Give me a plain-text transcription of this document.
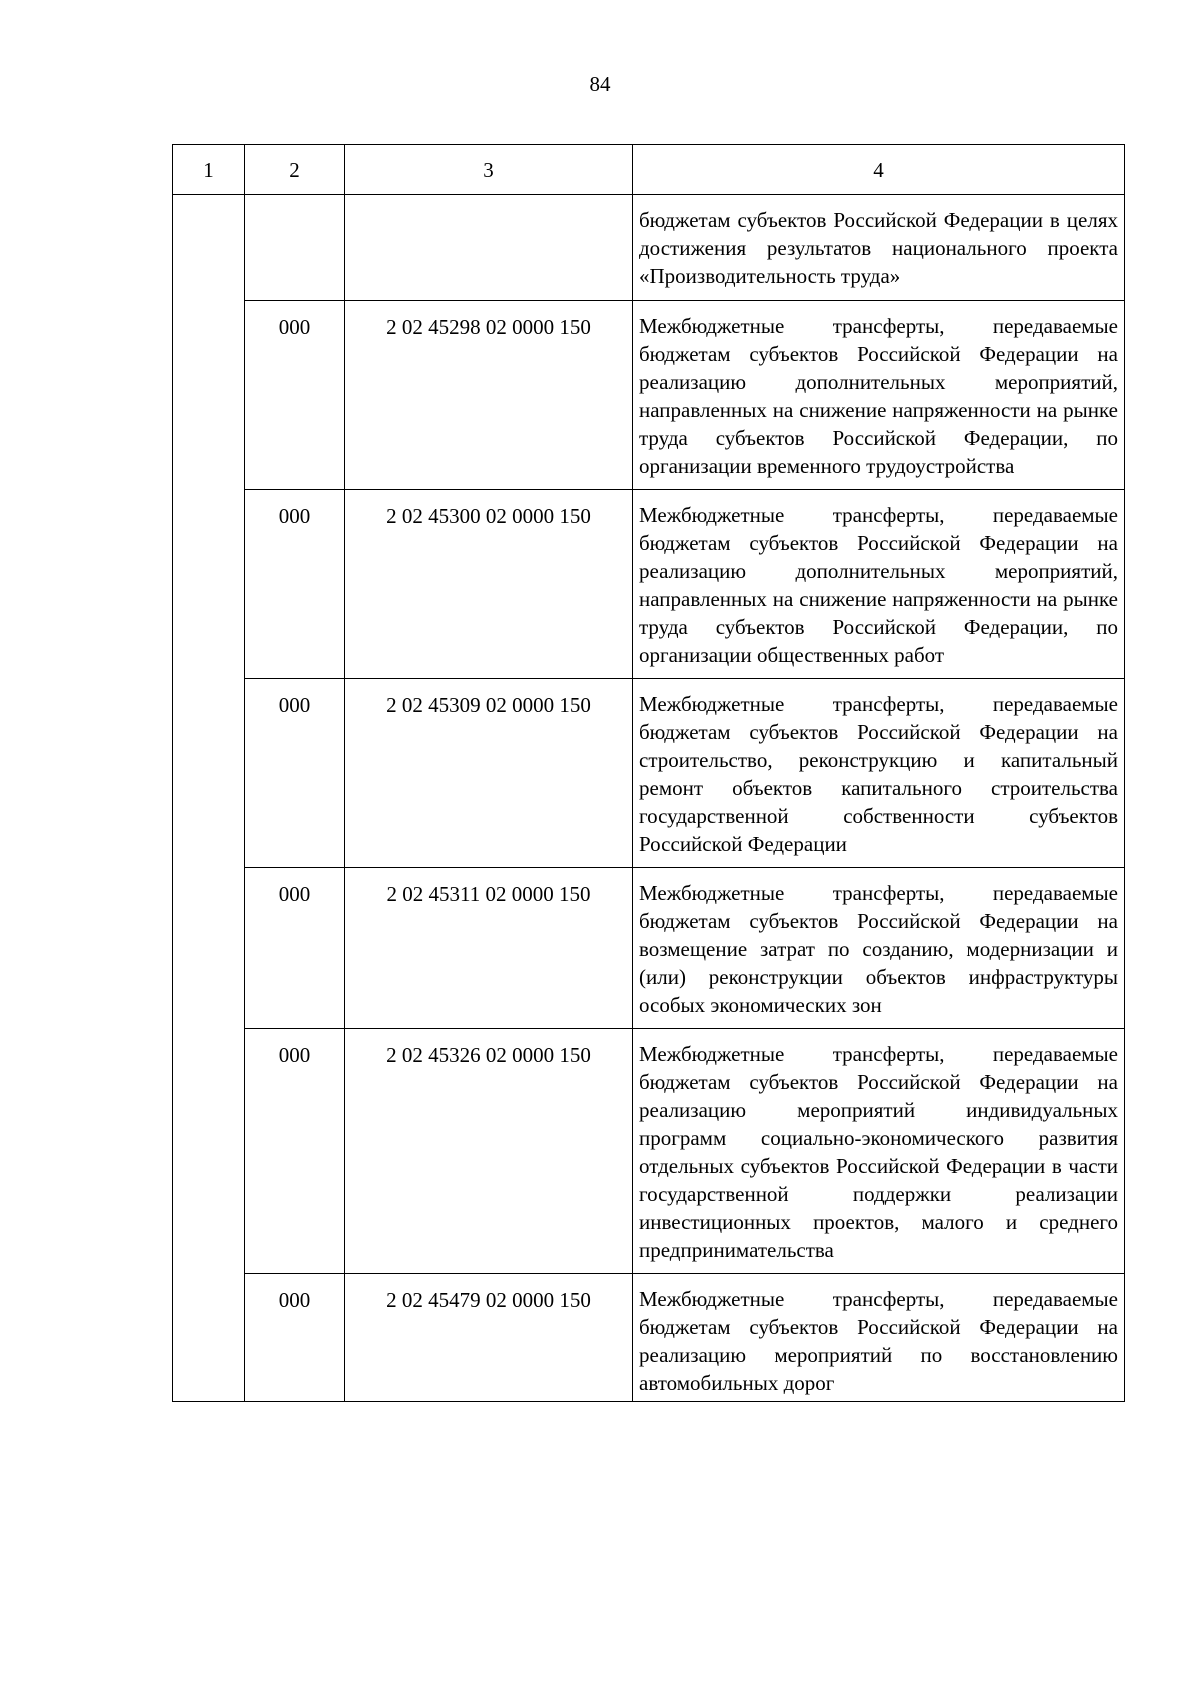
84
1	2	3	4
			бюджетам субъектов Российской Федерации в целях достижения результатов национального проекта «Производительность труда»
	000	2 02 45298 02 0000 150	Межбюджетные трансферты, передаваемые бюджетам субъектов Российской Федерации на реализацию дополнительных мероприятий, направленных на снижение напряженности на рынке труда субъектов Российской Федерации, по организации временного трудоустройства
	000	2 02 45300 02 0000 150	Межбюджетные трансферты, передаваемые бюджетам субъектов Российской Федерации на реализацию дополнительных мероприятий, направленных на снижение напряженности на рынке труда субъектов Российской Федерации, по организации общественных работ
	000	2 02 45309 02 0000 150	Межбюджетные трансферты, передаваемые бюджетам субъектов Российской Федерации на строительство, реконструкцию и капитальный ремонт объектов капитального строительства государственной собственности субъектов Российской Федерации
	000	2 02 45311 02 0000 150	Межбюджетные трансферты, передаваемые бюджетам субъектов Российской Федерации на возмещение затрат по созданию, модернизации и (или) реконструкции объектов инфраструктуры особых экономических зон
	000	2 02 45326 02 0000 150	Межбюджетные трансферты, передаваемые бюджетам субъектов Российской Федерации на реализацию мероприятий индивидуальных программ социально-экономического развития отдельных субъектов Российской Федерации в части государственной поддержки реализации инвестиционных проектов, малого и среднего предпринимательства
	000	2 02 45479 02 0000 150	Межбюджетные трансферты, передаваемые бюджетам субъектов Российской Федерации на реализацию мероприятий по восстановлению автомобильных дорог
